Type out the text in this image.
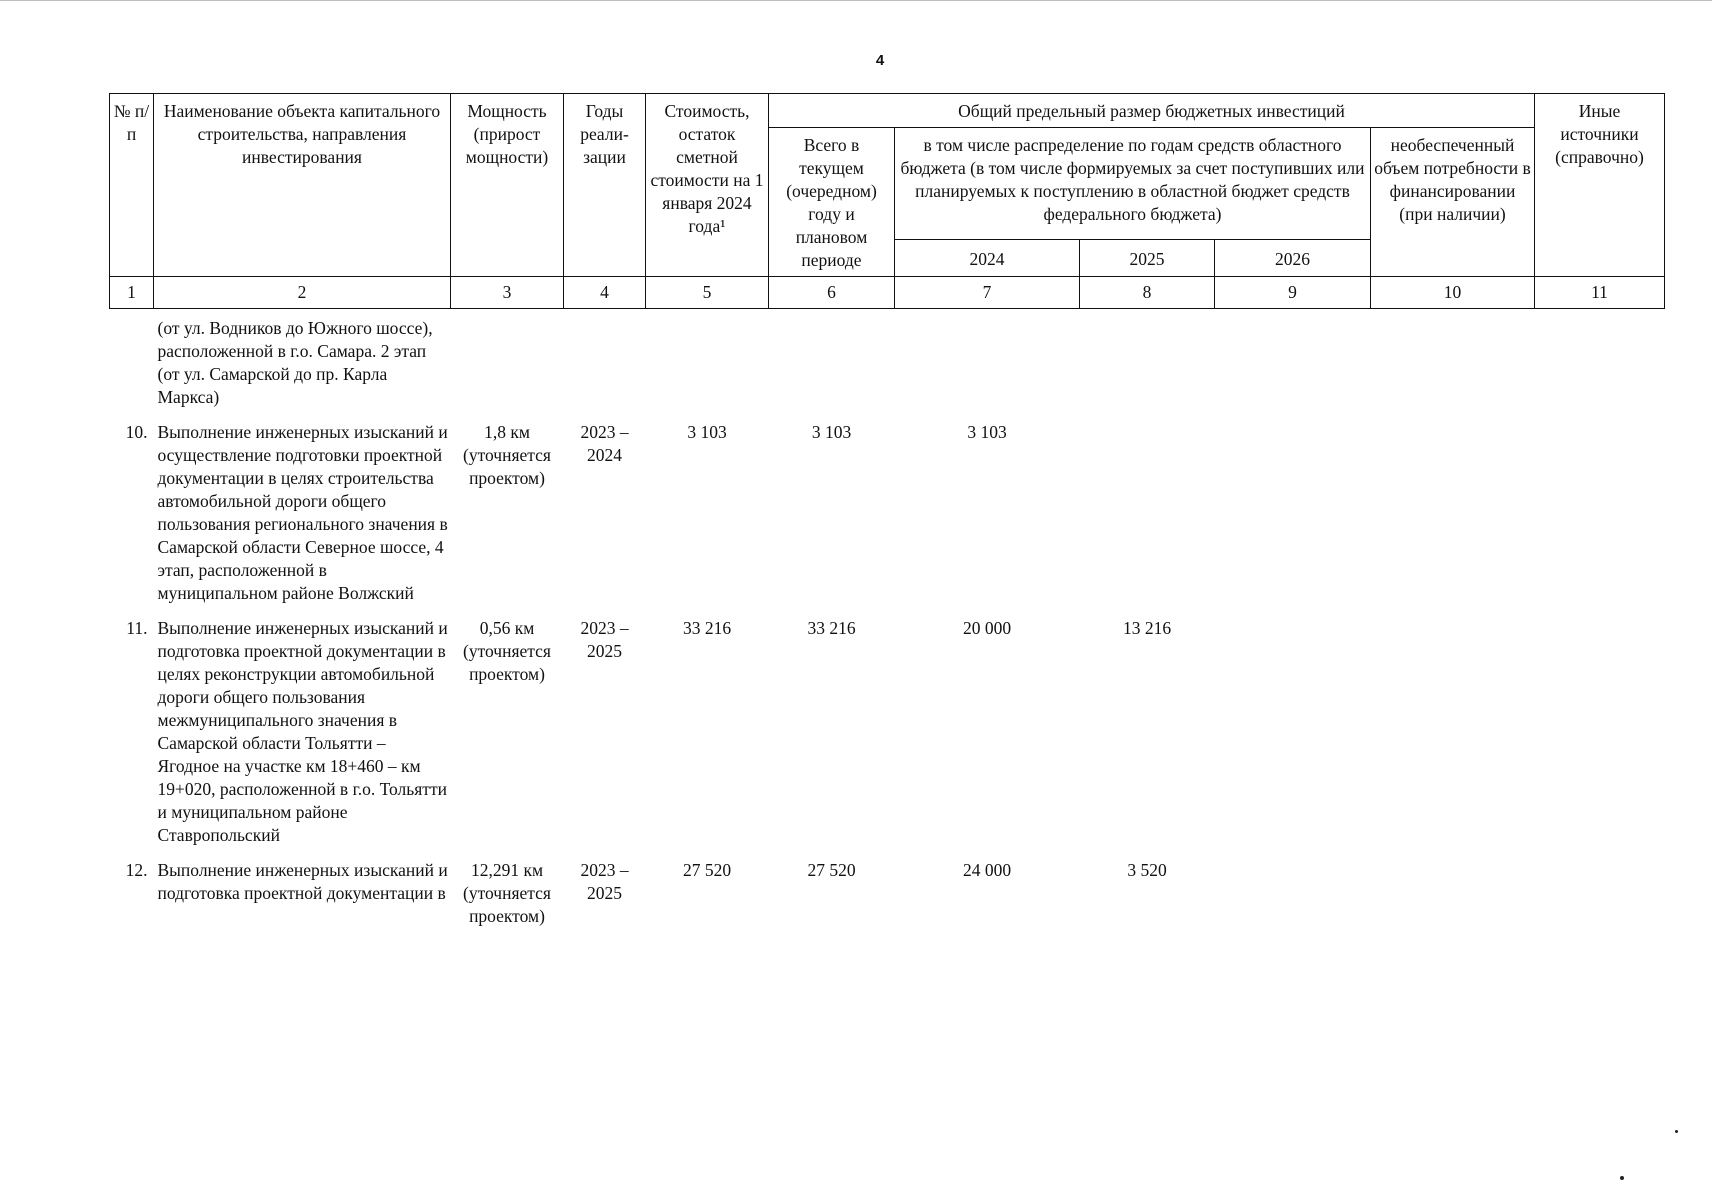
4
№ п/п	Наименование объекта капитального строительства, направления инвестирования	Мощность (прирост мощности)	Годы реали-зации	Стоимость, остаток сметной стоимости на 1 января 2024 года¹	Общий предельный размер бюджетных инвестиций					Иные источники (справочно)
					Всего в текущем (очередном) году и плановом периоде	в том числе распределение по годам средств областного бюджета (в том числе формируемых за счет поступивших или планируемых к поступлению в областной бюджет средств федерального бюджета)			необеспеченный объем потребности в финансировании (при наличии)	
						2024	2025	2026		
1	2	3	4	5	6	7	8	9	10	11
	(от ул. Водников до Южного шоссе), расположенной в г.о. Самара. 2 этап (от ул. Самарской до пр. Карла Маркса)									
10.	Выполнение инженерных изысканий и осуществление подготовки проектной документации в целях строительства автомобильной дороги общего пользования регионального значения в Самарской области Северное шоссе, 4 этап, расположенной в муниципальном районе Волжский	1,8 км (уточняется проектом)	2023 – 2024	3 103	3 103	3 103				
11.	Выполнение инженерных изысканий и подготовка проектной документации в целях реконструкции автомобильной дороги общего пользования межмуниципального значения в Самарской области Тольятти – Ягодное на участке км 18+460 – км 19+020, расположенной в г.о. Тольятти и муниципальном районе Ставропольский	0,56 км (уточняется проектом)	2023 – 2025	33 216	33 216	20 000	13 216			
12.	Выполнение инженерных изысканий и подготовка проектной документации в	12,291 км (уточняется проектом)	2023 – 2025	27 520	27 520	24 000	3 520			
